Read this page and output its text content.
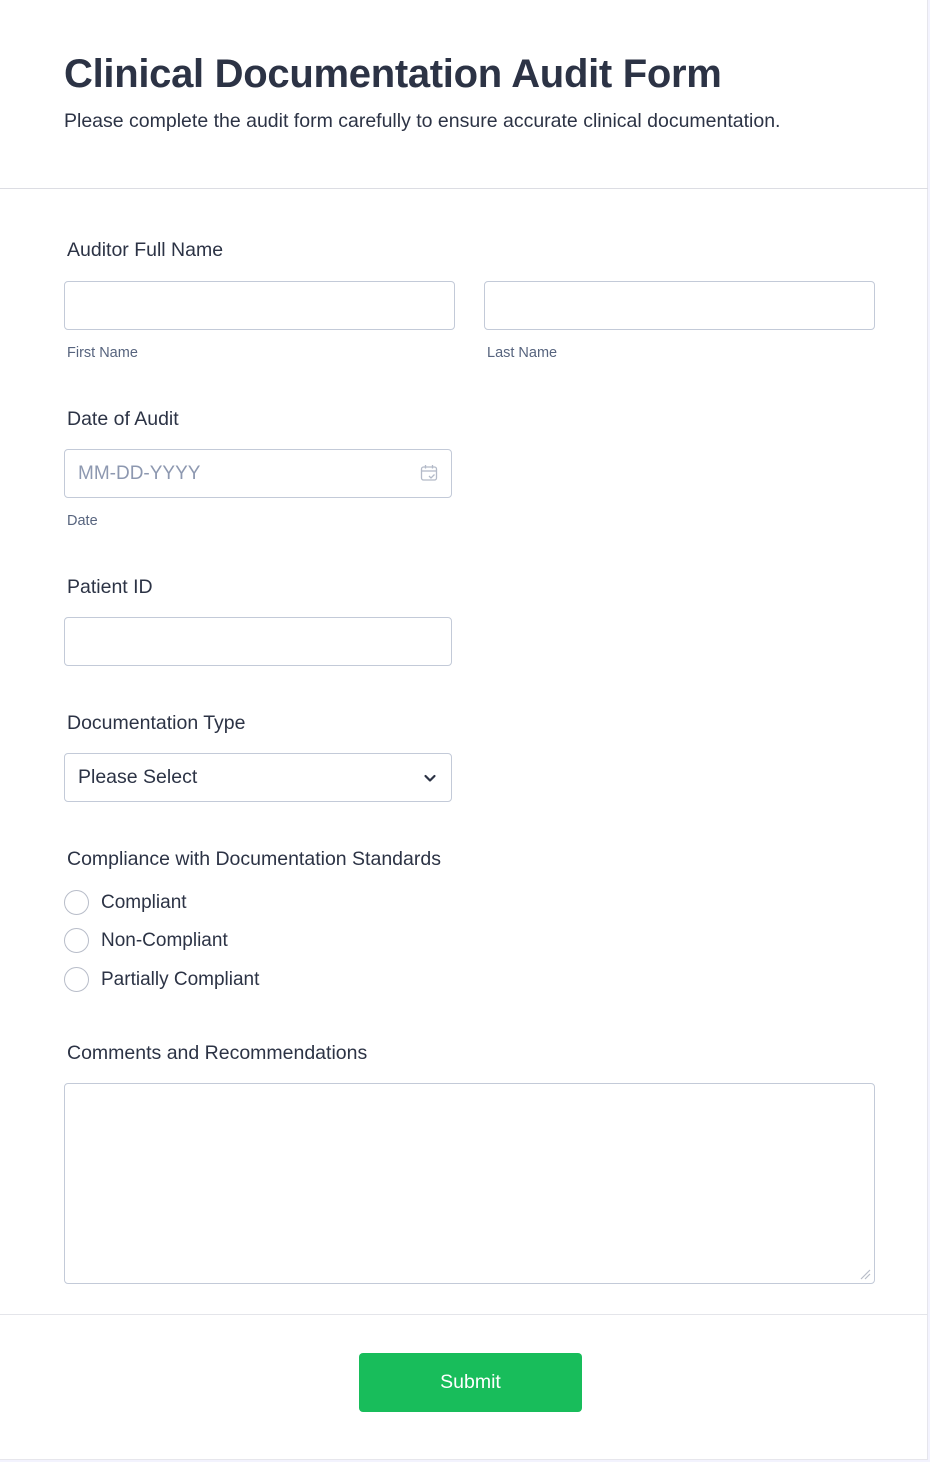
Clinical Documentation Audit Form

Please complete the audit form carefully to ensure accurate clinical documentation.

Auditor Full Name
First Name	Last Name
Date of Audit
MM-DD-YYYY
Date
Patient ID
Documentation Type
Please Select
Compliance with Documentation Standards
Compliant
Non-Compliant
Partially Compliant
Comments and Recommendations
Submit
